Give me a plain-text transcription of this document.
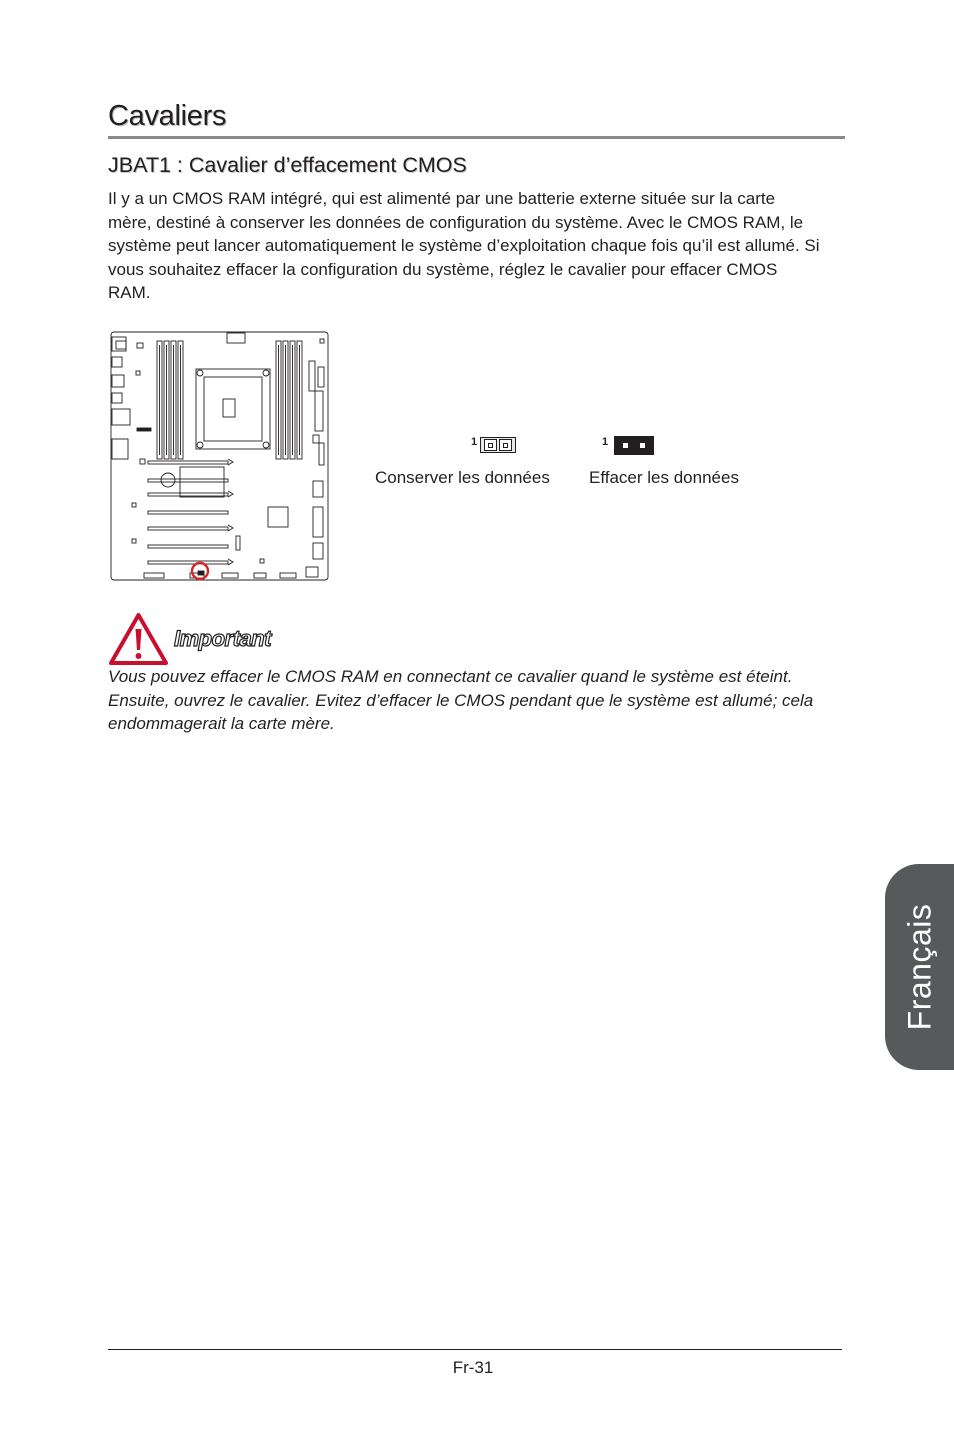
Cavaliers
JBAT1 : Cavalier d’effacement CMOS
Il y a un CMOS RAM intégré, qui est alimenté par une batterie externe située sur la carte mère, destiné à conserver les données de configuration du système. Avec le CMOS RAM, le système peut lancer automatiquement le système d’exploitation chaque fois qu’il est allumé. Si vous souhaitez effacer la configuration du système, réglez le cavalier pour effacer CMOS RAM.
1
Conserver les données
1
Effacer les données
Important
Vous pouvez effacer le CMOS RAM en connectant ce cavalier quand le système est éteint. Ensuite, ouvrez le cavalier. Evitez d’effacer le CMOS pendant que le système est allumé; cela endommagerait la carte mère.
Fr-31
Français
